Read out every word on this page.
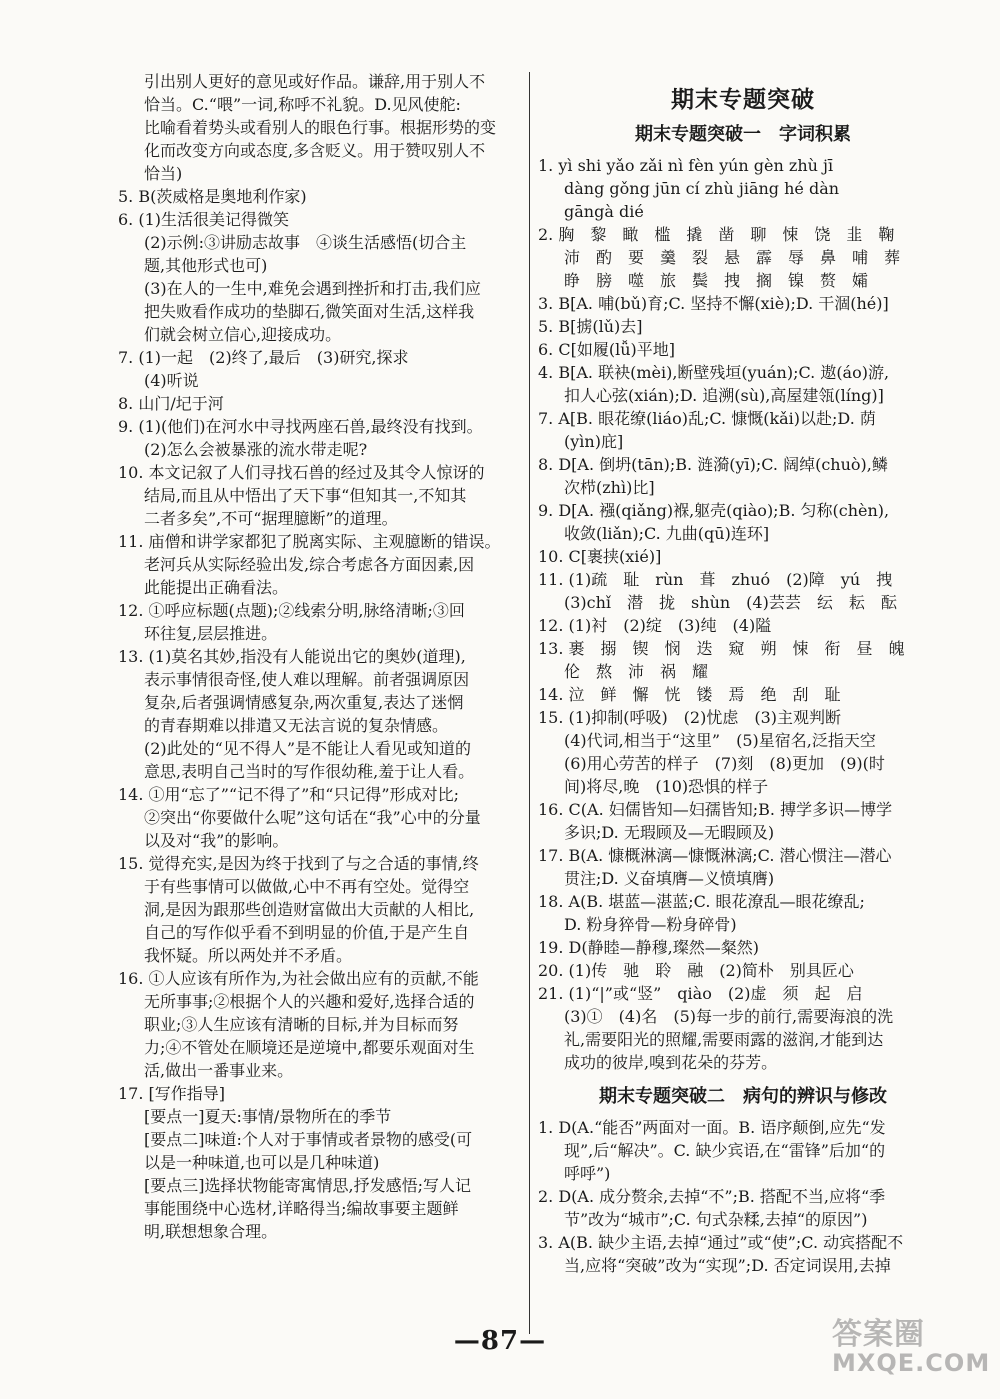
引出别人更好的意见或好作品。谦辞,用于别人不
恰当。C.“喂”一词,称呼不礼貌。D.见风使舵:
比喻看着势头或看别人的眼色行事。根据形势的变
化而改变方向或态度,多含贬义。用于赞叹别人不
恰当)
5. B(茨威格是奥地利作家)
6. (1)生活很美记得微笑
(2)示例:③讲励志故事　④谈生活感悟(切合主
题,其他形式也可)
(3)在人的一生中,难免会遇到挫折和打击,我们应
把失败看作成功的垫脚石,微笑面对生活,这样我
们就会树立信心,迎接成功。
7. (1)一起　(2)终了,最后　(3)研究,探求
(4)听说
8. 山门/圮于河
9. (1)(他们)在河水中寻找两座石兽,最终没有找到。
(2)怎么会被暴涨的流水带走呢?
10. 本文记叙了人们寻找石兽的经过及其令人惊讶的
结局,而且从中悟出了天下事“但知其一,不知其
二者多矣”,不可“据理臆断”的道理。
11. 庙僧和讲学家都犯了脱离实际、主观臆断的错误。
老河兵从实际经验出发,综合考虑各方面因素,因
此能提出正确看法。
12. ①呼应标题(点题);②线索分明,脉络清晰;③回
环往复,层层推进。
13. (1)莫名其妙,指没有人能说出它的奥妙(道理),
表示事情很奇怪,使人难以理解。前者强调原因
复杂,后者强调情感复杂,两次重复,表达了迷惘
的青春期难以排遣又无法言说的复杂情感。
(2)此处的“见不得人”是不能让人看见或知道的
意思,表明自己当时的写作很幼稚,羞于让人看。
14. ①用“忘了”“记不得了”和“只记得”形成对比;
②突出“你要做什么呢”这句话在“我”心中的分量
以及对“我”的影响。
15. 觉得充实,是因为终于找到了与之合适的事情,终
于有些事情可以做做,心中不再有空处。觉得空
洞,是因为跟那些创造财富做出大贡献的人相比,
自己的写作似乎看不到明显的价值,于是产生自
我怀疑。所以两处并不矛盾。
16. ①人应该有所作为,为社会做出应有的贡献,不能
无所事事;②根据个人的兴趣和爱好,选择合适的
职业;③人生应该有清晰的目标,并为目标而努
力;④不管处在顺境还是逆境中,都要乐观面对生
活,做出一番事业来。
17. [写作指导]
[要点一]夏天:事情/景物所在的季节
[要点二]味道:个人对于事情或者景物的感受(可
以是一种味道,也可以是几种味道)
[要点三]选择状物能寄寓情思,抒发感悟;写人记
事能围绕中心选材,详略得当;编故事要主题鲜
明,联想想象合理。
期末专题突破
期末专题突破一　字词积累
1. yì shi yǎo zǎi nì fèn yún gèn zhù jī
dàng gǒng jūn cí zhù jiāng hé dàn
gāngà dié
2. 胸　黎　瞰　槛　撬　凿　聊　悚　饶　韭　鞠
沛　酌　要　羹　裂　悬　霹　辱　鼻　哺　葬
睁　膀　噬　旅　鬓　拽　搁　镍　赘　孀
3. B[A. 哺(bǔ)育;C. 坚持不懈(xiè);D. 干涸(hé)]
5. B[掳(lǔ)去]
6. C[如履(lǚ)平地]
4. B[A. 联袂(mèi),断壁残垣(yuán);C. 遨(áo)游,
扣人心弦(xián);D. 追溯(sù),高屋建瓴(líng)]
7. A[B. 眼花缭(liáo)乱;C. 慷慨(kǎi)以赴;D. 荫
(yìn)庇]
8. D[A. 倒坍(tān);B. 涟漪(yī);C. 阔绰(chuò),鳞
次栉(zhì)比]
9. D[A. 襁(qiǎng)褓,躯壳(qiào);B. 匀称(chèn),
收敛(liǎn);C. 九曲(qū)连环]
10. C[裹挟(xié)]
11. (1)疏　耻　rùn　葺　zhuó　(2)障　yú　拽
(3)chǐ　潜　拢　shùn　(4)芸芸　纭　耘　酝
12. (1)衬　(2)绽　(3)纯　(4)隘
13. 裹　搦　锲　悯　迭　窥　朔　悚　衔　昼　魄
伦　熬　沛　祸　耀
14. 泣　鲜　懈　恍　镂　焉　绝　刮　耻
15. (1)抑制(呼吸)　(2)忧虑　(3)主观判断
(4)代词,相当于“这里”　(5)星宿名,泛指天空
(6)用心劳苦的样子　(7)刻　(8)更加　(9)(时
间)将尽,晚　(10)恐惧的样子
16. C(A. 妇儒皆知—妇孺皆知;B. 搏学多识—博学
多识;D. 无瑕顾及—无暇顾及)
17. B(A. 慷概淋漓—慷慨淋漓;C. 潜心惯注—潜心
贯注;D. 义奋填膺—义愤填膺)
18. A(B. 堪蓝—湛蓝;C. 眼花潦乱—眼花缭乱;
D. 粉身猝骨—粉身碎骨)
19. D(静睦—静穆,璨然—粲然)
20. (1)传　驰　聆　融　(2)简朴　别具匠心
21. (1)“|”或“竖”　qiào　(2)虚　须　起　启
(3)①　(4)名　(5)每一步的前行,需要海浪的洗
礼,需要阳光的照耀,需要雨露的滋润,才能到达
成功的彼岸,嗅到花朵的芬芳。
期末专题突破二　病句的辨识与修改
1. D(A.“能否”两面对一面。B. 语序颠倒,应先“发
现”,后“解决”。C. 缺少宾语,在“雷锋”后加“的
呼呼”)
2. D(A. 成分赘余,去掉“不”;B. 搭配不当,应将“季
节”改为“城市”;C. 句式杂糅,去掉“的原因”)
3. A(B. 缺少主语,去掉“通过”或“使”;C. 动宾搭配不
当,应将“突破”改为“实现”;D. 否定词误用,去掉
—87—	答案圈
MXQE.COM
